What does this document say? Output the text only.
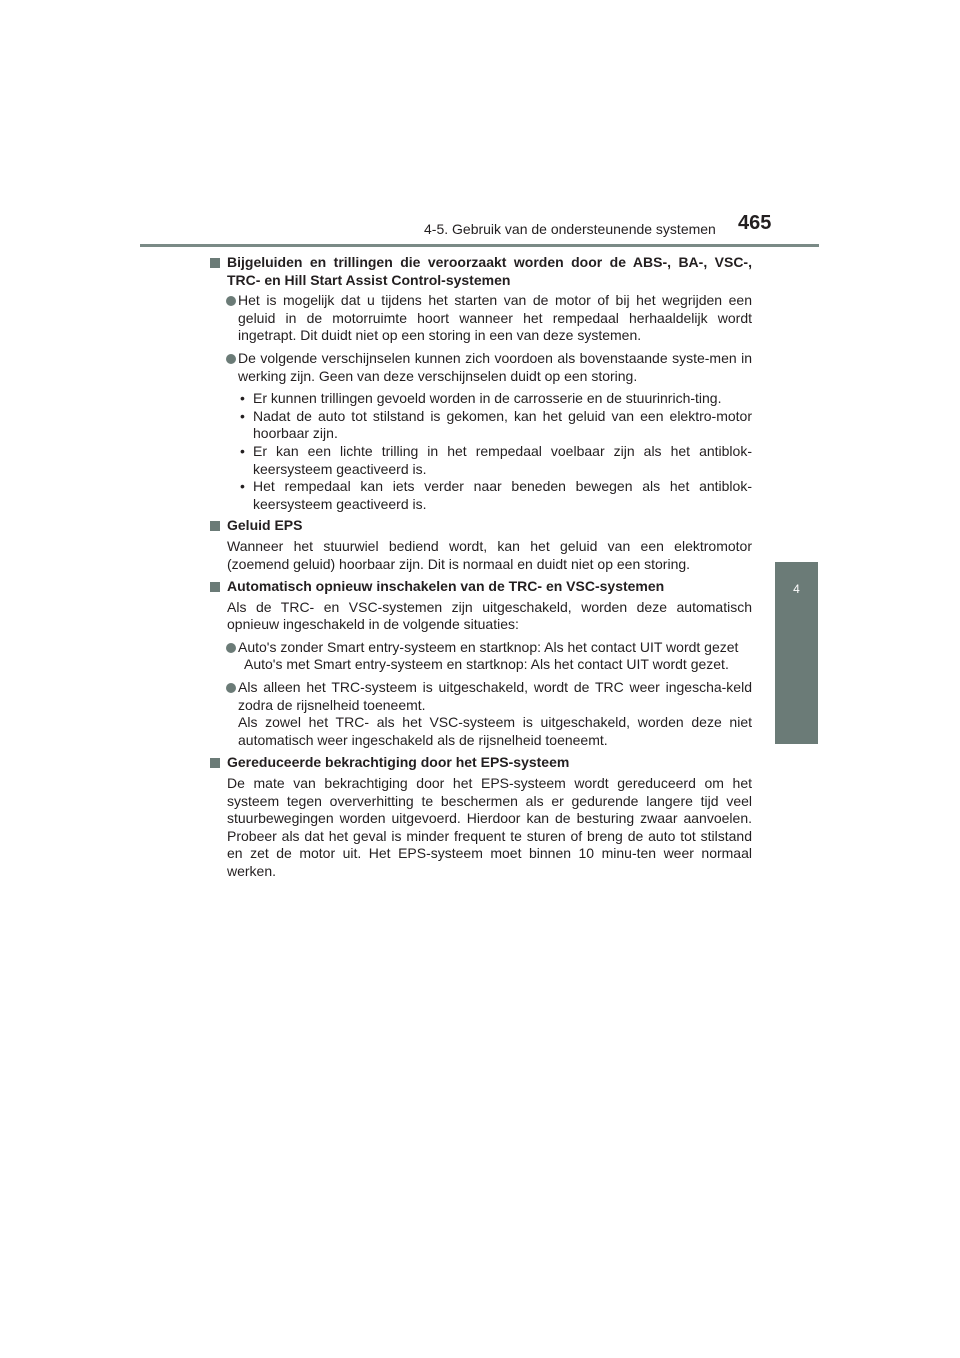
4-5. Gebruik van de ondersteunende systemen 465
4
Rijden
Bijgeluiden en trillingen die veroorzaakt worden door de ABS-, BA-, VSC-, TRC- en Hill Start Assist Control-systemen
Het is mogelijk dat u tijdens het starten van de motor of bij het wegrijden een geluid in de motorruimte hoort wanneer het rempedaal herhaaldelijk wordt ingetrapt. Dit duidt niet op een storing in een van deze systemen.
De volgende verschijnselen kunnen zich voordoen als bovenstaande syste-men in werking zijn. Geen van deze verschijnselen duidt op een storing.
• Er kunnen trillingen gevoeld worden in de carrosserie en de stuurinrich-ting.
• Nadat de auto tot stilstand is gekomen, kan het geluid van een elektro-motor hoorbaar zijn.
• Er kan een lichte trilling in het rempedaal voelbaar zijn als het antiblok-keersysteem geactiveerd is.
• Het rempedaal kan iets verder naar beneden bewegen als het antiblok-keersysteem geactiveerd is.
Geluid EPS
Wanneer het stuurwiel bediend wordt, kan het geluid van een elektromotor (zoemend geluid) hoorbaar zijn. Dit is normaal en duidt niet op een storing.
Automatisch opnieuw inschakelen van de TRC- en VSC-systemen
Als de TRC- en VSC-systemen zijn uitgeschakeld, worden deze automatisch opnieuw ingeschakeld in de volgende situaties:
Auto's zonder Smart entry-systeem en startknop: Als het contact UIT wordt gezet
Auto's met Smart entry-systeem en startknop: Als het contact UIT wordt gezet.
Als alleen het TRC-systeem is uitgeschakeld, wordt de TRC weer ingescha-keld zodra de rijsnelheid toeneemt.
Als zowel het TRC- als het VSC-systeem is uitgeschakeld, worden deze niet automatisch weer ingeschakeld als de rijsnelheid toeneemt.
Gereduceerde bekrachtiging door het EPS-systeem
De mate van bekrachtiging door het EPS-systeem wordt gereduceerd om het systeem tegen oververhitting te beschermen als er gedurende langere tijd veel stuurbewegingen worden uitgevoerd. Hierdoor kan de besturing zwaar aanvoelen. Probeer als dat het geval is minder frequent te sturen of breng de auto tot stilstand en zet de motor uit. Het EPS-systeem moet binnen 10 minu-ten weer normaal werken.
